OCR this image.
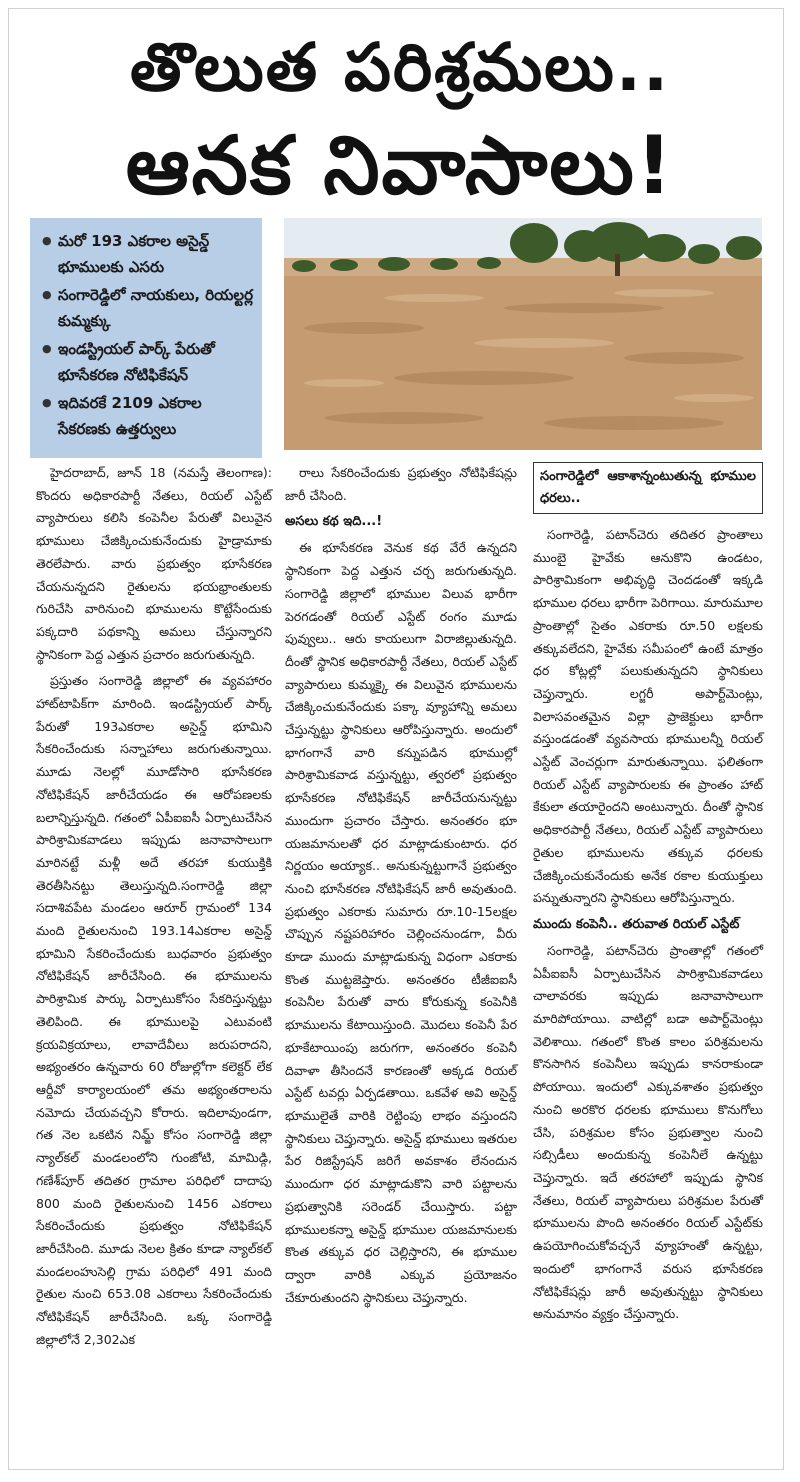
తొలుత పరిశ్రమలు..
ఆనక నివాసాలు!
● మరో 193 ఎకరాల అసైన్డ్ భూములకు ఎసరు
● సంగారెడ్డిలో నాయకులు, రియల్టర్ల కుమ్మక్కు
● ఇండస్ట్రియల్ పార్క్ పేరుతో భూసేకరణ నోటిఫికేషన్
● ఇదివరకే 2109 ఎకరాల సేకరణకు ఉత్తర్వులు

హైదరాబాద్, జూన్ 18 (నమస్తే తెలంగాణ): కొందరు అధికారపార్టీ నేతలు, రియల్ ఎస్టేట్ వ్యాపారులు కలిసి కంపెనీల పేరుతో విలువైన భూములు చేజిక్కించుకునేందుకు హైడ్రామాకు తెరలేపారు. వారు ప్రభుత్వం భూసేకరణ చేయనున్నదని రైతులను భయభ్రాంతులకు గురిచేసి వారినుంచి భూములను కొట్టేసేందుకు పక్కదారి పథకాన్ని అమలు చేస్తున్నారని స్థానికంగా పెద్ద ఎత్తున ప్రచారం జరుగుతున్నది.

ప్రస్తుతం సంగారెడ్డి జిల్లాలో ఈ వ్యవహారం హాట్‌టాపిక్‌గా మారింది. ఇండస్ట్రియల్ పార్క్ పేరుతో 193ఎకరాల అసైన్డ్ భూమిని సేకరించేందుకు సన్నాహాలు జరుగుతున్నాయి. మూడు నెలల్లో మూడోసారి భూసేకరణ నోటిఫికేషన్ జారీచేయడం ఈ ఆరోపణలకు బలాన్నిస్తున్నది. గతంలో ఏపీఐఐసీ ఏర్పాటుచేసిన పారిశ్రామికవాడలు ఇప్పుడు జనావాసాలుగా మారినట్టే మళ్లీ అదే తరహా కుయుక్తికి తెరతీసినట్టు తెలుస్తున్నది.సంగారెడ్డి జిల్లా సదాశివపేట మండలం ఆరూర్ గ్రామంలో 134 మంది రైతులనుంచి 193.14ఎకరాల అసైన్డ్ భూమిని సేకరించేందుకు బుధవారం ప్రభుత్వం నోటిఫికేషన్ జారీచేసింది. ఈ భూములను పారిశ్రామిక పార్కు ఏర్పాటుకోసం సేకరిస్తున్నట్టు తెలిపింది. ఈ భూములపై ఎటువంటి క్రయవిక్రయాలు, లావాదేవీలు జరుపరాదని, అభ్యంతరం ఉన్నవారు 60 రోజుల్లోగా కలెక్టర్ లేక ఆర్డీవో కార్యాలయంలో తమ అభ్యంతరాలను నమోదు చేయవచ్చని కోరారు. ఇదిలావుండగా, గత నెల ఒకటిన నిమ్జ్ కోసం సంగారెడ్డి జిల్లా న్యాల్‌కల్ మండలంలోని గుంజోటి, మామిడ్గి, గణేశ్‌పూర్ తదితర గ్రామాల పరిధిలో దాదాపు 800 మంది రైతులనుంచి 1456 ఎకరాలు సేకరించేందుకు ప్రభుత్వం నోటిఫికేషన్ జారీచేసింది. మూడు నెలల క్రితం కూడా న్యాల్‌కల్ మండలంహుసెల్లి గ్రామ పరిధిలో 491 మంది రైతుల నుంచి 653.08 ఎకరాలు సేకరించేందుకు నోటిఫికేషన్ జారీచేసింది. ఒక్క సంగారెడ్డి జిల్లాలోనే 2,302ఎక

రాలు సేకరించేందుకు ప్రభుత్వం నోటిఫికేషన్లు జారీ చేసింది.

అసలు కథ ఇది...!

ఈ భూసేకరణ వెనుక కథ వేరే ఉన్నదని స్థానికంగా పెద్ద ఎత్తున చర్చ జరుగుతున్నది. సంగారెడ్డి జిల్లాలో భూముల విలువ భారీగా పెరగడంతో రియల్ ఎస్టేట్ రంగం మూడు పువ్వులు.. ఆరు కాయలుగా విరాజిల్లుతున్నది. దీంతో స్థానిక అధికారపార్టీ నేతలు, రియల్ ఎస్టేట్ వ్యాపారులు కుమ్మక్కై ఈ విలువైన భూములను చేజిక్కించుకునేందుకు పక్కా వ్యూహాన్ని అమలు చేస్తున్నట్టు స్థానికులు ఆరోపిస్తున్నారు. అందులో భాగంగానే వారి కన్నుపడిన భూముల్లో పారిశ్రామికవాడ వస్తున్నట్టు, త్వరలో ప్రభుత్వం భూసేకరణ నోటిఫికేషన్ జారీచేయనున్నట్టు ముందుగా ప్రచారం చేస్తారు. అనంతరం భూ యజమానులతో ధర మాట్లాడుకుంటారు. ధర నిర్ణయం అయ్యాక.. అనుకున్నట్టుగానే ప్రభుత్వం నుంచి భూసేకరణ నోటిఫికేషన్ జారీ అవుతుంది. ప్రభుత్వం ఎకరాకు సుమారు రూ.10-15లక్షల చొప్పున నష్టపరిహారం చెల్లించనుండగా, వీరు కూడా ముందు మాట్లాడుకున్న విధంగా ఎకరాకు కొంత ముట్టజెప్తారు. అనంతరం టీజీఐఐసీ కంపెనీల పేరుతో వారు కోరుకున్న కంపెనీకి భూములను కేటాయిస్తుంది. మొదలు కంపెనీ పేర భూకేటాయింపు జరుగగా, అనంతరం కంపెనీ దివాళా తీసిందనే కారణంతో అక్కడ రియల్ ఎస్టేట్ టవర్లు ఏర్పడతాయి. ఒకవేళ అవి అసైన్డ్ భూములైతే వారికి రెట్టింపు లాభం వస్తుందని స్థానికులు చెప్తున్నారు. అసైన్డ్ భూములు ఇతరుల పేర రిజిస్ట్రేషన్ జరిగే అవకాశం లేనందున ముందుగా ధర మాట్లాడుకొని వారి పట్టాలను ప్రభుత్వానికి సరెండర్ చేయిస్తారు. పట్టా భూములకన్నా అసైన్డ్ భూముల యజమానులకు కొంత తక్కువ ధర చెల్లిస్తారని, ఈ భూముల ద్వారా వారికి ఎక్కువ ప్రయోజనం చేకూరుతుందని స్థానికులు చెప్తున్నారు.

సంగారెడ్డిలో ఆకాశాన్నంటుతున్న భూముల ధరలు..

సంగారెడ్డి, పటాన్‌చెరు తదితర ప్రాంతాలు ముంబై హైవేకు ఆనుకొని ఉండటం, పారిశ్రామికంగా అభివృద్ధి చెందడంతో ఇక్కడి భూముల ధరలు భారీగా పెరిగాయి. మారుమూల ప్రాంతాల్లో సైతం ఎకరాకు రూ.50 లక్షలకు తక్కువలేదని, హైవేకు సమీపంలో ఉంటే మాత్రం ధర కోట్లల్లో పలుకుతున్నదని స్థానికులు చెప్తున్నారు. లగ్జరీ అపార్ట్‌మెంట్లు, విలాసవంతమైన విల్లా ప్రాజెక్టులు భారీగా వస్తుండడంతో వ్యవసాయ భూములన్నీ రియల్ ఎస్టేట్ వెంచర్లుగా మారుతున్నాయి. ఫలితంగా రియల్ ఎస్టేట్ వ్యాపారులకు ఈ ప్రాంతం హాట్ కేకులా తయారైందని అంటున్నారు. దీంతో స్థానిక అధికారపార్టీ నేతలు, రియల్ ఎస్టేట్ వ్యాపారులు రైతుల భూములను తక్కువ ధరలకు చేజిక్కించుకునేందుకు అనేక రకాల కుయుక్తులు పన్నుతున్నారని స్థానికులు ఆరోపిస్తున్నారు.

ముందు కంపెనీ.. తరువాత రియల్ ఎస్టేట్

సంగారెడ్డి, పటాన్‌చెరు ప్రాంతాల్లో గతంలో ఏపీఐఐసీ ఏర్పాటుచేసిన పారిశ్రామికవాడలు చాలావరకు ఇప్పుడు జనావాసాలుగా మారిపోయాయి. వాటిల్లో బడా అపార్ట్‌మెంట్లు వెలిశాయి. గతంలో కొంత కాలం పరిశ్రమలను కొనసాగిన కంపెనీలు ఇప్పుడు కానరాకుండా పోయాయి. ఇందులో ఎక్కువశాతం ప్రభుత్వం నుంచి అరకొర ధరలకు భూములు కొనుగోలు చేసి, పరిశ్రమల కోసం ప్రభుత్వాల నుంచి సబ్సిడీలు అందుకున్న కంపెనీలే ఉన్నట్టు చెప్తున్నారు. ఇదే తరహాలో ఇప్పుడు స్థానిక నేతలు, రియల్ వ్యాపారులు పరిశ్రమల పేరుతో భూములను పొంది అనంతరం రియల్ ఎస్టేట్‌కు ఉపయోగించుకోవచ్చనే వ్యూహంతో ఉన్నట్టు, ఇందులో భాగంగానే వరుస భూసేకరణ నోటిఫికేషన్లు జారీ అవుతున్నట్టు స్థానికులు అనుమానం వ్యక్తం చేస్తున్నారు.
